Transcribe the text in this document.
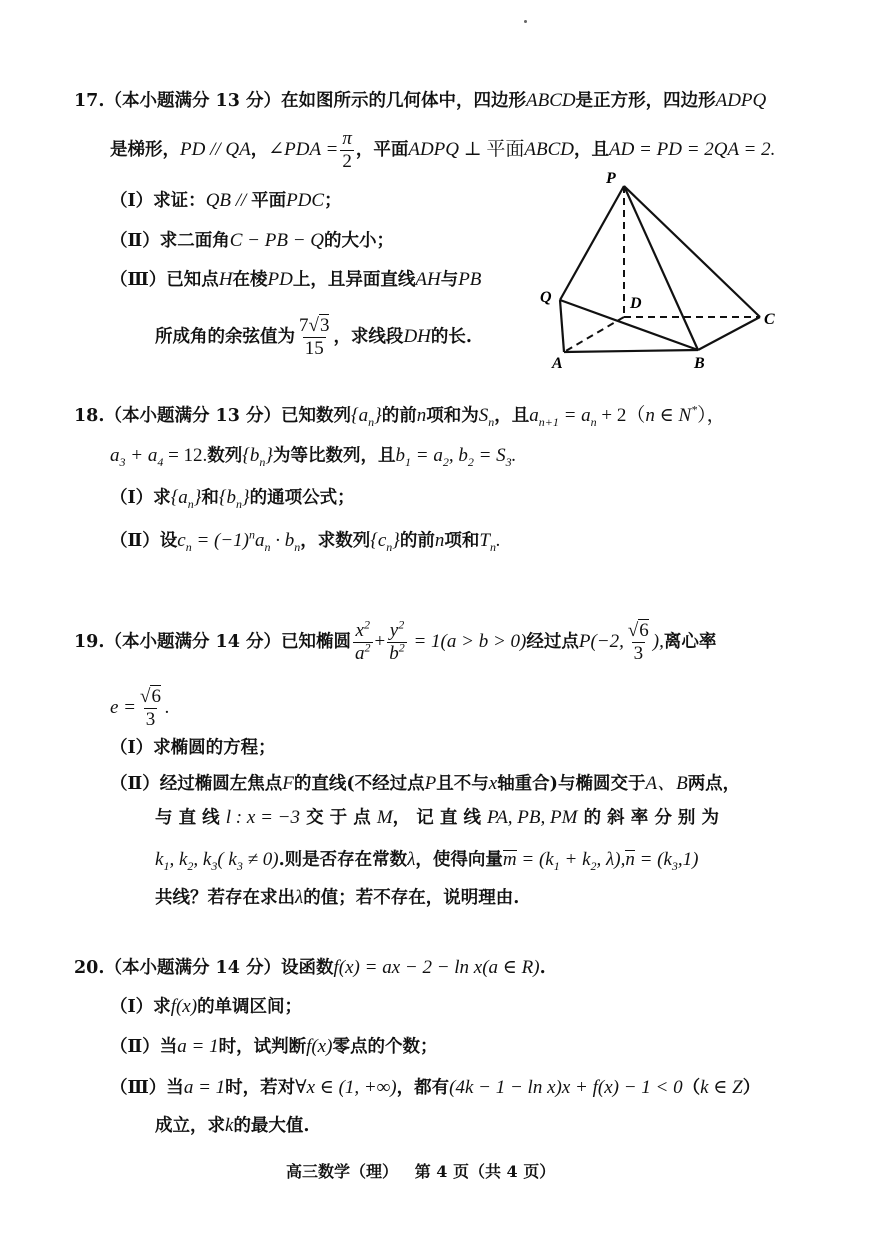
17.（本小题满分 13 分）在如图所示的几何体中，四边形ABCD是正方形，四边形ADPQ
是梯形，PD // QA，∠PDA = $\frac{\pi}{2}$ ，平面ADPQ ⊥ 平面ABCD，且AD = PD = 2QA = 2.
（Ⅰ）求证：QB // 平面PDC；
（Ⅱ）求二面角C − PB − Q的大小；
（Ⅲ）已知点H在棱PD上，且异面直线AH与PB
所成角的余弦值为 $\frac{7√3}{15}$ ，求线段DH的长.
P
Q	D
C
A	B
18.（本小题满分 13 分）已知数列$\{a_n\}$的前n项和为$S_n$，且$a_{n+1} = a_n + 2(n$ ∈ N*），
$a_3 + a_4 = 12$.数列$\{b_n\}$为等比数列，且$b_1 = a_2$, $b_2 = S_3$.
（Ⅰ）求$\{a_n\}$和$\{b_n\}$的通项公式；
（Ⅱ）设$c_n = (-1)^na_n \cdot b_n$，求数列$\{c_n\}$的前n项和$T_n$.
19.（本小题满分 14 分）已知椭圆 $\frac{x^2}{a^2} + \frac{y^2}{b^2} = 1(a > b > 0)$经过点P(−2, $\frac{√6}{3}$ ),离心率
$e = \frac{√6}{3}$ .
（Ⅰ）求椭圆的方程；
（Ⅱ）经过椭圆左焦点F的直线(不经过点P且不与x轴重合)与椭圆交于A、B两点，
与 直 线 l : x = −3 交 于 点 M， 记 直 线 PA, PB, PM 的 斜 率 分 别 为
$k_1$, $k_2$, $k_3$( $k_3 \ne 0$).则是否存在常数λ，使得向量$m = (k_1 + k_2$, $\lambda),n = (k_3,1)$
共线？若存在求出λ的值；若不存在，说明理由.
20.（本小题满分 14 分）设函数f(x) = ax − 2 − ln x(a ∈ R).
（Ⅰ）求f(x)的单调区间；
（Ⅱ）当a = 1时，试判断f(x)零点的个数；
（Ⅲ）当a = 1时，若对∀x ∈ (1, +∞)，都有(4k − 1 − ln x)x + f(x) − 1 < 0（k ∈ Z）
成立，求k的最大值.
高三数学（理）   第 4 页（共 4 页）
